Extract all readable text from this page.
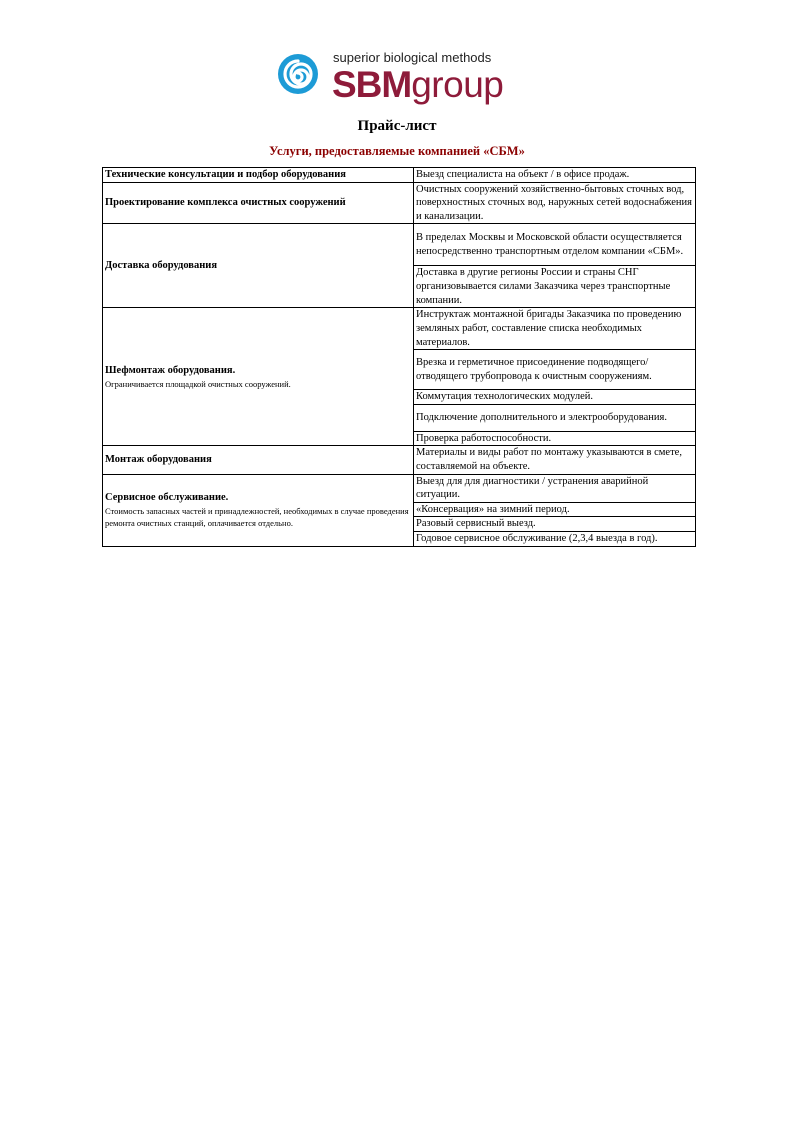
superior biological methods
SBMgroup
Прайс-лист
Услуги, предоставляемые компанией «СБМ»
Технические консультации и подбор оборудования	Выезд специалиста на объект / в офисе продаж.
Проектирование комплекса очистных сооружений	Очистных сооружений хозяйственно-бытовых сточных вод, поверхностных сточных вод, наружных сетей водоснабжения и канализации.
Доставка оборудования	В пределах Москвы и Московской области осуществляется непосредственно транспортным отделом компании «СБМ».
	Доставка в другие регионы России и страны СНГ организовывается силами Заказчика через транспортные компании.
Шефмонтаж оборудования.
Ограничивается площадкой очистных сооружений.	Инструктаж монтажной бригады Заказчика по проведению земляных работ, составление списка необходимых материалов.
	Врезка и герметичное присоединение подводящего/отводящего трубопровода к очистным сооружениям.
	Коммутация технологических модулей.
	Подключение дополнительного и электрооборудования.
	Проверка работоспособности.
Монтаж оборудования	Материалы и виды работ по монтажу указываются в смете, составляемой на объекте.
Сервисное обслуживание.
Стоимость запасных частей и принадлежностей, необходимых в случае проведения ремонта очистных станций, оплачивается отдельно.	Выезд для для диагностики / устранения аварийной ситуации.
	«Консервация» на зимний период.
	Разовый сервисный выезд.
	Годовое сервисное обслуживание (2,3,4 выезда в год).
